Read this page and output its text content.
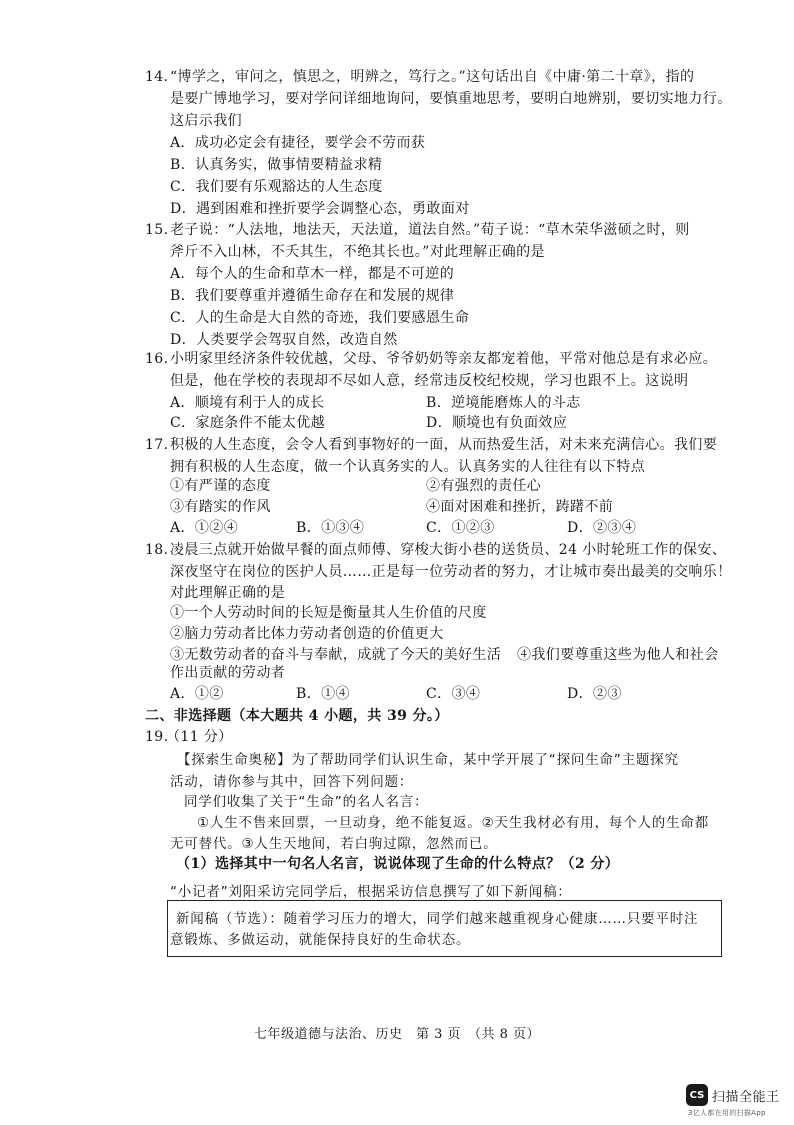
14. “博学之，审问之，慎思之，明辨之，笃行之。”这句话出自《中庸·第二十章》，指的
是要广博地学习，要对学问详细地询问，要慎重地思考，要明白地辨别，要切实地力行。
这启示我们
A．成功必定会有捷径，要学会不劳而获
B．认真务实，做事情要精益求精
C．我们要有乐观豁达的人生态度
D．遇到困难和挫折要学会调整心态，勇敢面对
15. 老子说：“人法地，地法天，天法道，道法自然。”荀子说：“草木荣华滋硕之时，则
斧斤不入山林，不夭其生，不绝其长也。”对此理解正确的是
A．每个人的生命和草木一样，都是不可逆的
B．我们要尊重并遵循生命存在和发展的规律
C．人的生命是大自然的奇迹，我们要感恩生命
D．人类要学会驾驭自然，改造自然
16. 小明家里经济条件较优越，父母、爷爷奶奶等亲友都宠着他，平常对他总是有求必应。
但是，他在学校的表现却不尽如人意，经常违反校纪校规，学习也跟不上。这说明
A．顺境有利于人的成长	B．逆境能磨炼人的斗志
C．家庭条件不能太优越	D．顺境也有负面效应
17. 积极的人生态度，会令人看到事物好的一面，从而热爱生活，对未来充满信心。我们要
拥有积极的人生态度，做一个认真务实的人。认真务实的人往往有以下特点
①有严谨的态度	②有强烈的责任心
③有踏实的作风	④面对困难和挫折，踌躇不前
A．①②④	B．①③④	C．①②③	D．②③④
18. 凌晨三点就开始做早餐的面点师傅、穿梭大街小巷的送货员、24 小时轮班工作的保安、
深夜坚守在岗位的医护人员……正是每一位劳动者的努力，才让城市奏出最美的交响乐！
对此理解正确的是
①一个人劳动时间的长短是衡量其人生价值的尺度
②脑力劳动者比体力劳动者创造的价值更大
③无数劳动者的奋斗与奉献，成就了今天的美好生活 ④我们要尊重这些为他人和社会
作出贡献的劳动者
A．①②	B．①④	C．③④	D．②③
二、非选择题（本大题共 4 小题，共 39 分。）
19.
（11 分）
【探索生命奥秘】为了帮助同学们认识生命，某中学开展了“探问生命”主题探究
活动，请你参与其中，回答下列问题：
同学们收集了关于“生命”的名人名言：
①人生不售来回票，一旦动身，绝不能复返。②天生我材必有用，每个人的生命都
无可替代。③人生天地间，若白驹过隙，忽然而已。
（1）选择其中一句名人名言，说说体现了生命的什么特点？（2 分）
“小记者”刘阳采访完同学后，根据采访信息撰写了如下新闻稿：
新闻稿（节选）：随着学习压力的增大，同学们越来越重视身心健康……只要平时注
意锻炼、多做运动，就能保持良好的生命状态。
七年级道德与法治、历史　第 3 页　（共 8 页）
CS 扫描全能王
3亿人都在用的扫描App
